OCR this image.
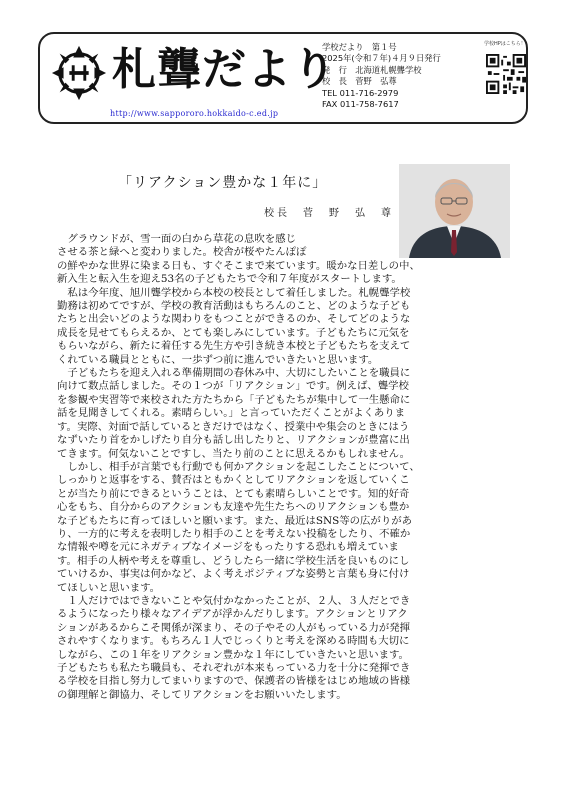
札聾だより
http://www.sappororo.hokkaido-c.ed.jp
学校だより　第１号
2025年(令和７年)４月９日発行
発　行　北海道札幌聾学校
校　長　菅野　弘尊
TEL 011-716-2979
FAX 011-758-7617
学校HPはこちら！
「リアクション豊かな１年に」
校長　菅　野　弘　尊
　グラウンドが、雪一面の白から草花の息吹を感じ
させる茶と緑へと変わりました。校舎が桜やたんぽぽ
の鮮やかな世界に染まる日も、すぐそこまで来ています。暖かな日差しの中、
新入生と転入生を迎え53名の子どもたちで令和７年度がスタートします。
　私は今年度、旭川聾学校から本校の校長として着任しました。札幌聾学校
勤務は初めてですが、学校の教育活動はもちろんのこと、どのような子ども
たちと出会いどのような関わりをもつことができるのか、そしてどのような
成長を見せてもらえるか、とても楽しみにしています。子どもたちに元気を
もらいながら、新たに着任する先生方や引き続き本校と子どもたちを支えて
くれている職員とともに、一歩ずつ前に進んでいきたいと思います。
　子どもたちを迎え入れる準備期間の春休み中、大切にしたいことを職員に
向けて数点話しました。その１つが「リアクション」です。例えば、聾学校
を参観や実習等で来校された方たちから「子どもたちが集中して一生懸命に
話を見聞きしてくれる。素晴らしい。」と言っていただくことがよくありま
す。実際、対面で話しているときだけではなく、授業中や集会のときにはう
なずいたり首をかしげたり自分も話し出したりと、リアクションが豊富に出
てきます。何気ないことですし、当たり前のことに思えるかもしれません。
　しかし、相手が言葉でも行動でも何かアクションを起こしたことについて、
しっかりと返事をする、賛否はともかくとしてリアクションを返していくこ
とが当たり前にできるということは、とても素晴らしいことです。知的好奇
心をもち、自分からのアクションも友達や先生たちへのリアクションも豊か
な子どもたちに育ってほしいと願います。また、最近はSNS等の広がりがあ
り、一方的に考えを表明したり相手のことを考えない投稿をしたり、不確か
な情報や噂を元にネガティブなイメージをもったりする恐れも増えていま
す。相手の人柄や考えを尊重し、どうしたら一緒に学校生活を良いものにし
ていけるか、事実は何かなど、よく考えポジティブな姿勢と言葉も身に付け
てほしいと思います。
　１人だけではできないことや気付かなかったことが、２人、３人だとでき
るようになったり様々なアイデアが浮かんだりします。アクションとリアク
ションがあるからこそ関係が深まり、その子やその人がもっている力が発揮
されやすくなります。もちろん１人でじっくりと考えを深める時間も大切に
しながら、この１年をリアクション豊かな１年にしていきたいと思います。
子どもたちも私たち職員も、それぞれが本来もっている力を十分に発揮でき
る学校を目指し努力してまいりますので、保護者の皆様をはじめ地域の皆様
の御理解と御協力、そしてリアクションをお願いいたします。
